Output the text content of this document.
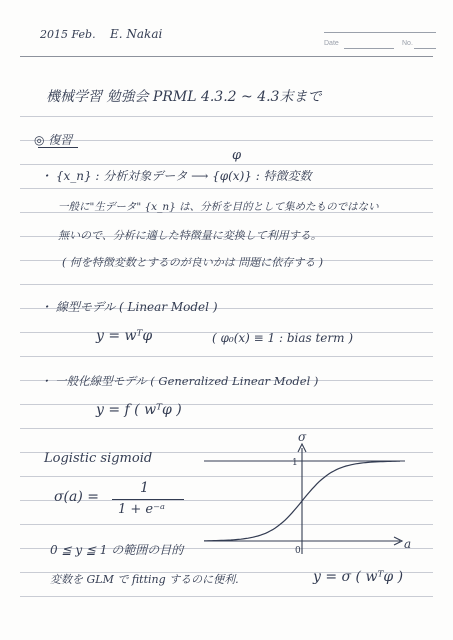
2015 Feb. E. Nakai
Date	No.
機械学習 勉強会 PRML 4.3.2 ~ 4.3末まで
◎ 復習
φ
・ {x_n} : 分析対象データ ⟶ {φ(x)} : 特徴変数
一般に"生データ" {x_n} は、分析を目的として集めたものではない
無いので、分析に適した特徴量に変換して利用する。
( 何を特徴変数とするのが良いかは 問題に依存する )
・ 線型モデル ( Linear Model )
y = wᵀφ	( φ₀(x) ≡ 1 : bias term )
・ 一般化線型モデル ( Generalized Linear Model )
y = f ( wᵀφ )
Logistic sigmoid
σ(a) =
1
1 + e⁻ᵃ
0 ≦ y ≦ 1 の範囲の目的
変数を GLM で fitting するのに便利.	y = σ ( wᵀφ )
σ
a
1
0
